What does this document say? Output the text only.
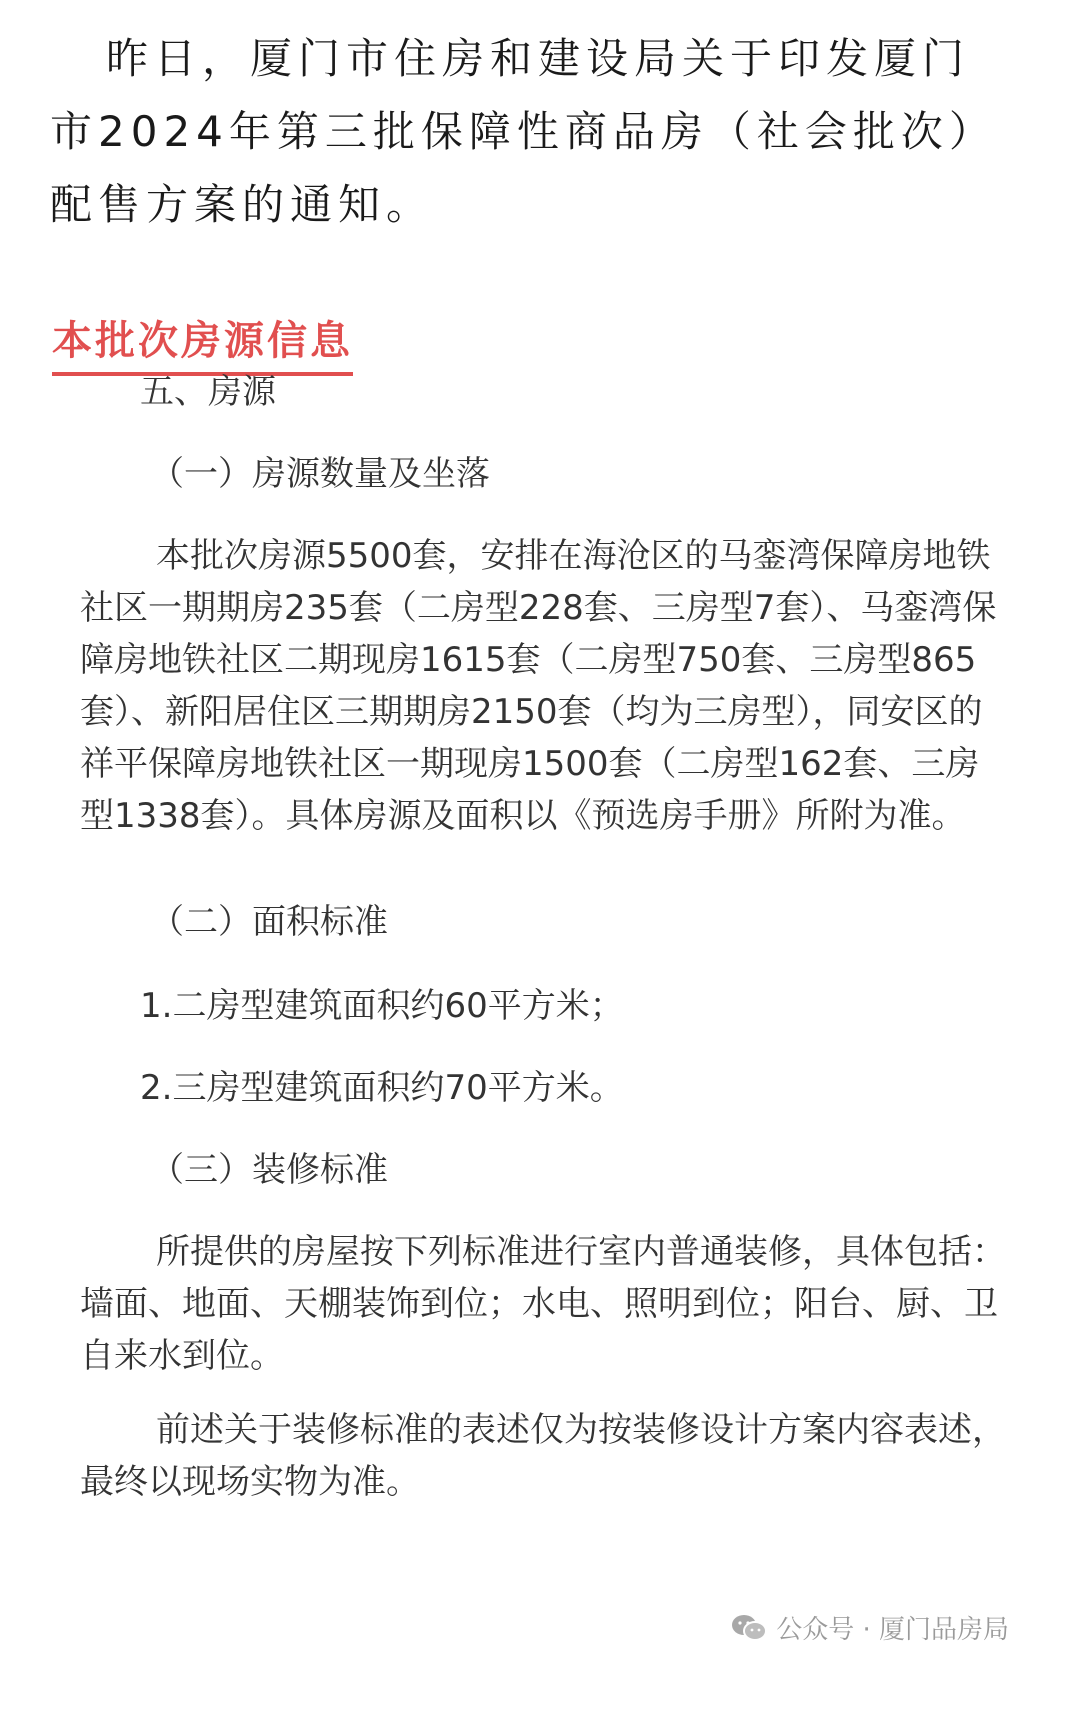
昨日，厦门市住房和建设局关于印发厦门市2024年第三批保障性商品房（社会批次）配售方案的通知。
本批次房源信息
五、房源
（一）房源数量及坐落
本批次房源5500套，安排在海沧区的马銮湾保障房地铁社区一期期房235套（二房型228套、三房型7套）、马銮湾保障房地铁社区二期现房1615套（二房型750套、三房型865套）、新阳居住区三期期房2150套（均为三房型），同安区的祥平保障房地铁社区一期现房1500套（二房型162套、三房型1338套）。具体房源及面积以《预选房手册》所附为准。
（二）面积标准
1.二房型建筑面积约60平方米；
2.三房型建筑面积约70平方米。
（三）装修标准
所提供的房屋按下列标准进行室内普通装修，具体包括：墙面、地面、天棚装饰到位；水电、照明到位；阳台、厨、卫自来水到位。
前述关于装修标准的表述仅为按装修设计方案内容表述，最终以现场实物为准。
公众号 · 厦门品房局
